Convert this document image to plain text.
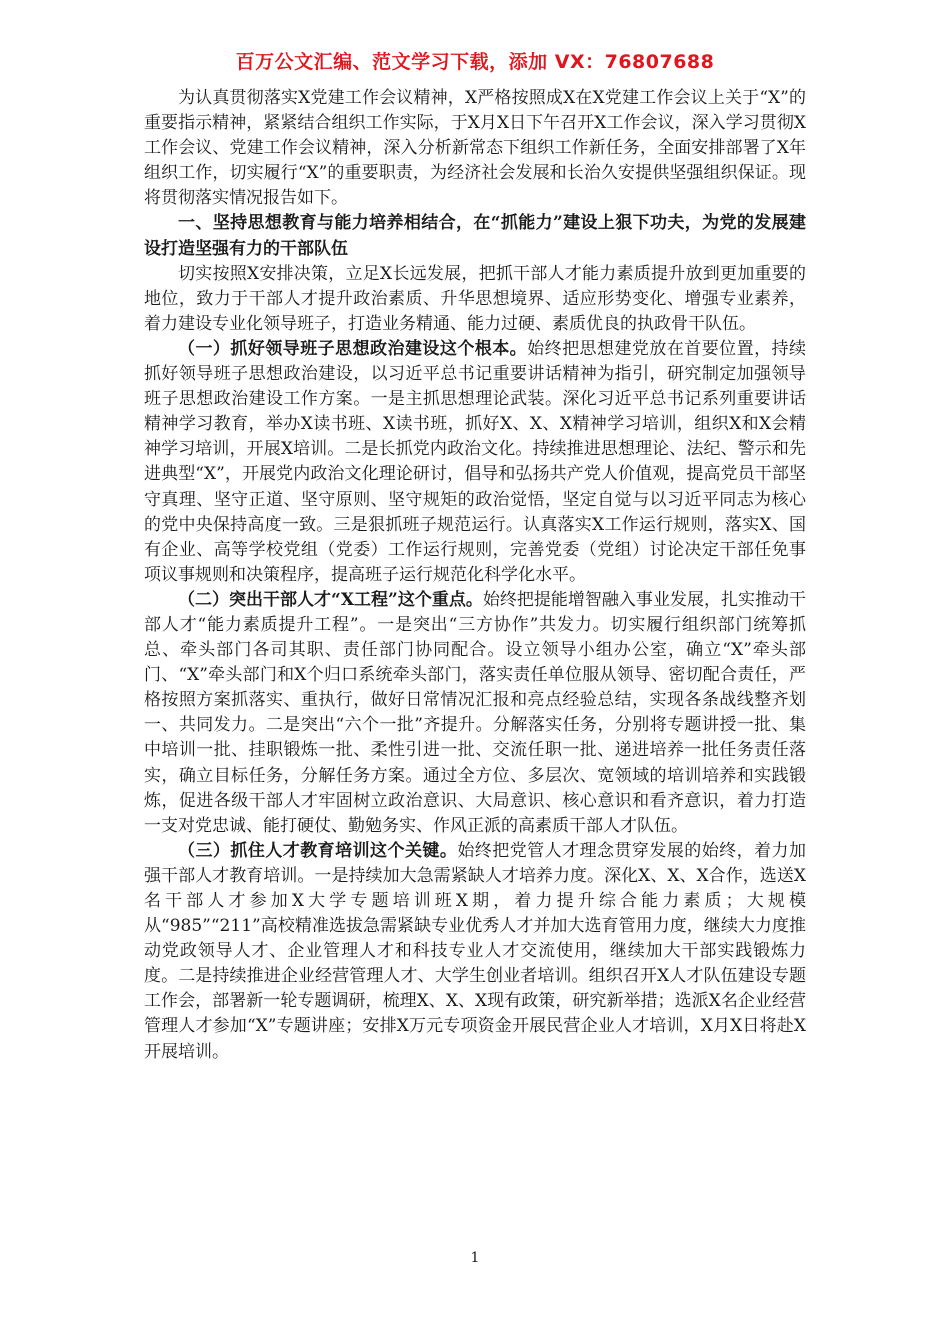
百万公文汇编、范文学习下载，添加 VX：76807688

为认真贯彻落实X党建工作会议精神，X严格按照成X在X党建工作会议上关于“X”的重要指示精神，紧紧结合组织工作实际，于X月X日下午召开X工作会议，深入学习贯彻X工作会议、党建工作会议精神，深入分析新常态下组织工作新任务，全面安排部署了X年组织工作，切实履行“X”的重要职责，为经济社会发展和长治久安提供坚强组织保证。现将贯彻落实情况报告如下。

一、坚持思想教育与能力培养相结合，在“抓能力”建设上狠下功夫，为党的发展建设打造坚强有力的干部队伍

切实按照X安排决策，立足X长远发展，把抓干部人才能力素质提升放到更加重要的地位，致力于干部人才提升政治素质、升华思想境界、适应形势变化、增强专业素养，着力建设专业化领导班子，打造业务精通、能力过硬、素质优良的执政骨干队伍。

（一）抓好领导班子思想政治建设这个根本。始终把思想建党放在首要位置，持续抓好领导班子思想政治建设，以习近平总书记重要讲话精神为指引，研究制定加强领导班子思想政治建设工作方案。一是主抓思想理论武装。深化习近平总书记系列重要讲话精神学习教育，举办X读书班、X读书班，抓好X、X、X精神学习培训，组织X和X会精神学习培训，开展X培训。二是长抓党内政治文化。持续推进思想理论、法纪、警示和先进典型“X”，开展党内政治文化理论研讨，倡导和弘扬共产党人价值观，提高党员干部坚守真理、坚守正道、坚守原则、坚守规矩的政治觉悟，坚定自觉与以习近平同志为核心的党中央保持高度一致。三是狠抓班子规范运行。认真落实X工作运行规则，落实X、国有企业、高等学校党组（党委）工作运行规则，完善党委（党组）讨论决定干部任免事项议事规则和决策程序，提高班子运行规范化科学化水平。

（二）突出干部人才“X工程”这个重点。始终把提能增智融入事业发展，扎实推动干部人才“能力素质提升工程”。一是突出“三方协作”共发力。切实履行组织部门统筹抓总、牵头部门各司其职、责任部门协同配合。设立领导小组办公室，确立“X”牵头部门、“X”牵头部门和X个归口系统牵头部门，落实责任单位服从领导、密切配合责任，严格按照方案抓落实、重执行，做好日常情况汇报和亮点经验总结，实现各条战线整齐划一、共同发力。二是突出“六个一批”齐提升。分解落实任务，分别将专题讲授一批、集中培训一批、挂职锻炼一批、柔性引进一批、交流任职一批、递进培养一批任务责任落实，确立目标任务，分解任务方案。通过全方位、多层次、宽领域的培训培养和实践锻炼，促进各级干部人才牢固树立政治意识、大局意识、核心意识和看齐意识，着力打造一支对党忠诚、能打硬仗、勤勉务实、作风正派的高素质干部人才队伍。

（三）抓住人才教育培训这个关键。始终把党管人才理念贯穿发展的始终，着力加强干部人才教育培训。一是持续加大急需紧缺人才培养力度。深化X、X、X合作，选送X名干部人才参加X大学专题培训班X期，着力提升综合能力素质；大规模从“985”“211”高校精准选拔急需紧缺专业优秀人才并加大选育管用力度，继续大力度推动党政领导人才、企业管理人才和科技专业人才交流使用，继续加大干部实践锻炼力度。二是持续推进企业经营管理人才、大学生创业者培训。组织召开X人才队伍建设专题工作会，部署新一轮专题调研，梳理X、X、X现有政策，研究新举措；选派X名企业经营管理人才参加“X”专题讲座；安排X万元专项资金开展民营企业人才培训，X月X日将赴X开展培训。

1
